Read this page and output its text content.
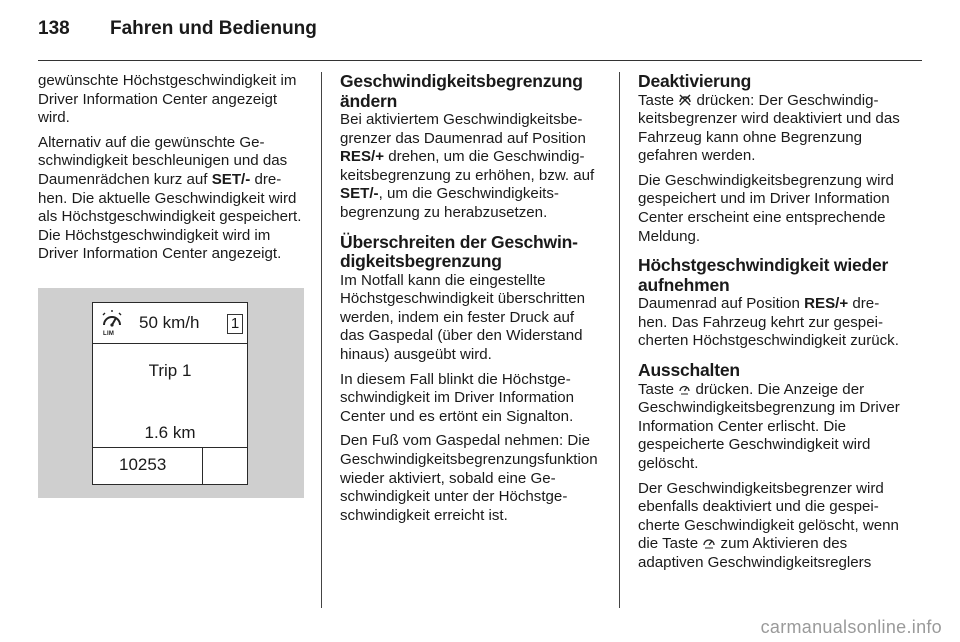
138	Fahren und Bedienung

gewünschte Höchstgeschwindigkeit im Driver Information Center angezeigt wird.

Alternativ auf die gewünschte Geschwindigkeit beschleunigen und das Daumenrädchen kurz auf SET/- drehen. Die aktuelle Geschwindigkeit wird als Höchstgeschwindigkeit gespeichert. Die Höchstgeschwindigkeit wird im Driver Information Center angezeigt.

LIM
50 km/h 1
Trip 1
1.6 km
10253
Geschwindigkeitsbegrenzung ändern

Bei aktiviertem Geschwindigkeitsbegrenzer das Daumenrad auf Position RES/+ drehen, um die Geschwindigkeitsbegrenzung zu erhöhen, bzw. auf SET/-, um die Geschwindigkeitsbegrenzung zu herabzusetzen.

Überschreiten der Geschwindigkeitsbegrenzung

Im Notfall kann die eingestellte Höchstgeschwindigkeit überschritten werden, indem ein fester Druck auf das Gaspedal (über den Widerstand hinaus) ausgeübt wird.

In diesem Fall blinkt die Höchstgeschwindigkeit im Driver Information Center und es ertönt ein Signalton.

Den Fuß vom Gaspedal nehmen: Die Geschwindigkeitsbegrenzungsfunktion wieder aktiviert, sobald eine Geschwindigkeit unter der Höchstgeschwindigkeit erreicht ist.

Deaktivierung

Taste  drücken: Der Geschwindigkeitsbegrenzer wird deaktiviert und das Fahrzeug kann ohne Begrenzung gefahren werden.

Die Geschwindigkeitsbegrenzung wird gespeichert und im Driver Information Center erscheint eine entsprechende Meldung.

Höchstgeschwindigkeit wieder aufnehmen

Daumenrad auf Position RES/+ drehen. Das Fahrzeug kehrt zur gespeicherten Höchstgeschwindigkeit zurück.

Ausschalten

Taste  drücken. Die Anzeige der Geschwindigkeitsbegrenzung im Driver Information Center erlischt. Die gespeicherte Geschwindigkeit wird gelöscht.

Der Geschwindigkeitsbegrenzer wird ebenfalls deaktiviert und die gespeicherte Geschwindigkeit gelöscht, wenn die Taste  zum Aktivieren des adaptiven Geschwindigkeitsreglers

carmanualsonline.info
